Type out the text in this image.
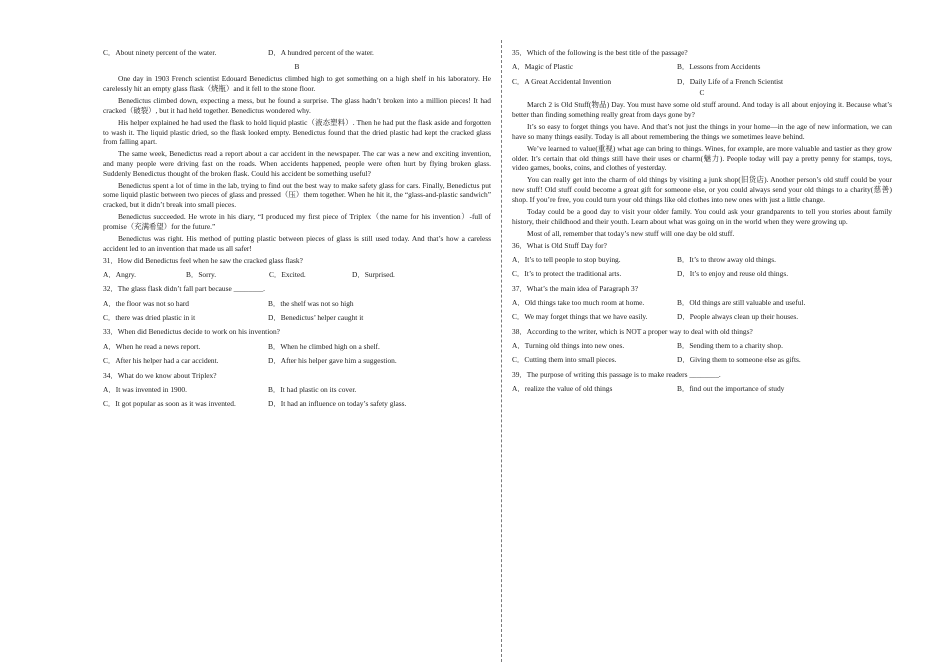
C．About ninety percent of the water.	D．A hundred percent of the water.

B

One day in 1903 French scientist Edouard Benedictus climbed high to get something on a high shelf in his laboratory. He carelessly hit an empty glass flask（烧瓶）and it fell to the stone floor.

Benedictus climbed down, expecting a mess, but he found a surprise. The glass hadn’t broken into a million pieces! It had cracked（破裂）, but it had held together. Benedictus wondered why.

His helper explained he had used the flask to hold liquid plastic（液态塑料）. Then he had put the flask aside and forgotten to wash it. The liquid plastic dried, so the flask looked empty. Benedictus found that the dried plastic had kept the cracked glass from falling apart.

The same week, Benedictus read a report about a car accident in the newspaper. The car was a new and exciting invention, and many people were driving fast on the roads. When accidents happened, people were often hurt by flying broken glass. Suddenly Benedictus thought of the broken flask. Could his accident be something useful?

Benedictus spent a lot of time in the lab, trying to find out the best way to make safety glass for cars. Finally, Benedictus put some liquid plastic between two pieces of glass and pressed（压）them together. When he hit it, the “glass-and-plastic sandwich” cracked, but it didn’t break into small pieces.

Benedictus succeeded. He wrote in his diary, “I produced my first piece of Triplex（the name for his invention）-full of promise（充满希望）for the future.”

Benedictus was right. His method of putting plastic between pieces of glass is still used today. And that’s how a careless accident led to an invention that made us all safer!

31．How did Benedictus feel when he saw the cracked glass flask?

A．Angry.	B．Sorry.	C．Excited.	D．Surprised.

32．The glass flask didn’t fall part because ________.

A．the floor was not so hard	B．the shelf was not so high
C．there was dried plastic in it	D．Benedictus’ helper caught it

33．When did Benedictus decide to work on his invention?

A．When he read a news report.	B．When he climbed high on a shelf.
C．After his helper had a car accident.	D．After his helper gave him a suggestion.

34．What do we know about Triplex?

A．It was invented in 1900.	B．It had plastic on its cover.
C．It got popular as soon as it was invented.	D．It had an influence on today’s safety glass.

35．Which of the following is the best title of the passage?

A．Magic of Plastic	B．Lessons from Accidents
C．A Great Accidental Invention	D．Daily Life of a French Scientist

C

March 2 is Old Stuff(物品) Day. You must have some old stuff around. And today is all about enjoying it. Because what’s better than finding something really great from days gone by?

It’s so easy to forget things you have. And that’s not just the things in your home—in the age of new information, we can have so many things easily. Today is all about remembering the things we sometimes leave behind.

We’ve learned to value(重视) what age can bring to things. Wines, for example, are more valuable and tastier as they grow older. It’s certain that old things still have their uses or charm(魅力). People today will pay a pretty penny for stamps, toys, video games, books, coins, and clothes of yesterday.

You can really get into the charm of old things by visiting a junk shop(旧货店). Another person’s old stuff could be your new stuff! Old stuff could become a great gift for someone else, or you could always send your old things to a charity(慈善) shop. If you’re free, you could turn your old things like old clothes into new ones with just a little change.

Today could be a good day to visit your older family. You could ask your grandparents to tell you stories about family history, their childhood and their youth. Learn about what was going on in the world when they were growing up.

Most of all, remember that today’s new stuff will one day be old stuff.

36．What is Old Stuff Day for?

A．It’s to tell people to stop buying.	B．It’s to throw away old things.
C．It’s to protect the traditional arts.	D．It’s to enjoy and reuse old things.

37．What’s the main idea of Paragraph 3?

A．Old things take too much room at home.	B．Old things are still valuable and useful.
C．We may forget things that we have easily.	D．People always clean up their houses.

38．According to the writer, which is NOT a proper way to deal with old things?

A．Turning old things into new ones.	B．Sending them to a charity shop.
C．Cutting them into small pieces.	D．Giving them to someone else as gifts.

39．The purpose of writing this passage is to make readers ________.

A．realize the value of old things	B．find out the importance of study
